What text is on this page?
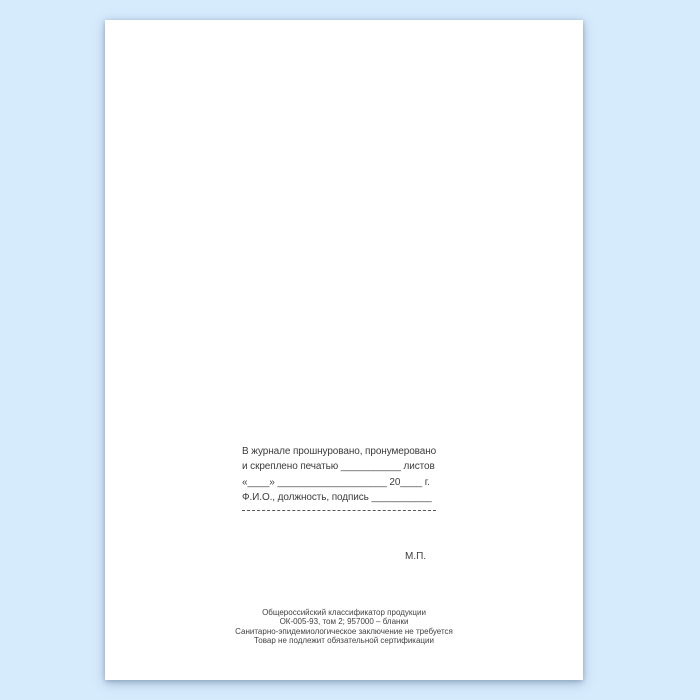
В журнале прошнуровано, пронумеровано
и скреплено печатью ___________ листов
«____» ____________________ 20____ г.
Ф.И.О., должность, подпись ___________
М.П.
Общероссийский классификатор продукции
ОК-005-93, том 2; 957000 – бланки
Санитарно-эпидемиологическое заключение не требуется
Товар не подлежит обязательной сертификации
